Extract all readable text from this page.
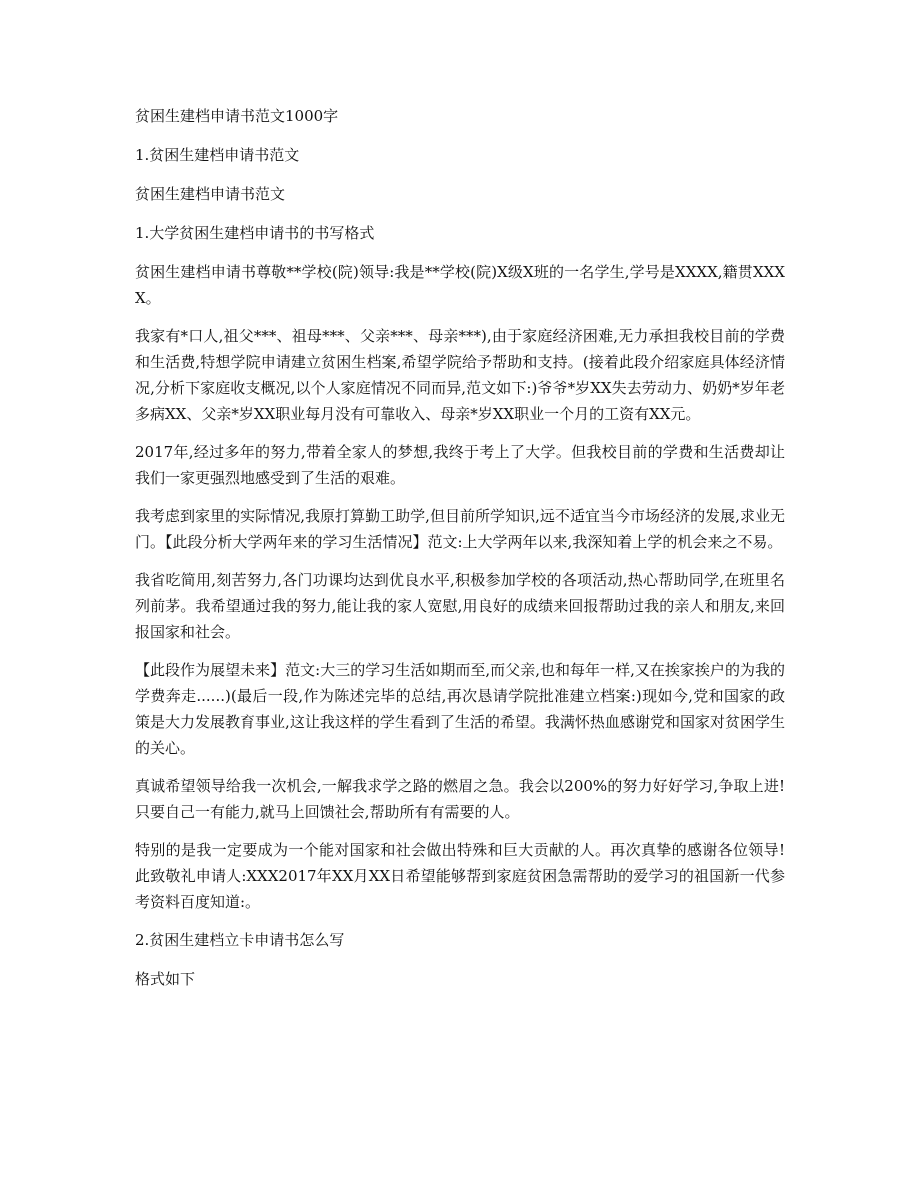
贫困生建档申请书范文1000字

1.贫困生建档申请书范文

贫困生建档申请书范文

1.大学贫困生建档申请书的书写格式

贫困生建档申请书尊敬**学校(院)领导:我是**学校(院)X级X班的一名学生,学号是XXXX,籍贯XXXX。

我家有*口人,祖父***、祖母***、父亲***、母亲***),由于家庭经济困难,无力承担我校目前的学费和生活费,特想学院申请建立贫困生档案,希望学院给予帮助和支持。(接着此段介绍家庭具体经济情况,分析下家庭收支概况,以个人家庭情况不同而异,范文如下:)爷爷*岁XX失去劳动力、奶奶*岁年老多病XX、父亲*岁XX职业每月没有可靠收入、母亲*岁XX职业一个月的工资有XX元。

2017年,经过多年的努力,带着全家人的梦想,我终于考上了大学。但我校目前的学费和生活费却让我们一家更强烈地感受到了生活的艰难。

我考虑到家里的实际情况,我原打算勤工助学,但目前所学知识,远不适宜当今市场经济的发展,求业无门。【此段分析大学两年来的学习生活情况】范文:上大学两年以来,我深知着上学的机会来之不易。

我省吃简用,刻苦努力,各门功课均达到优良水平,积极参加学校的各项活动,热心帮助同学,在班里名列前茅。我希望通过我的努力,能让我的家人宽慰,用良好的成绩来回报帮助过我的亲人和朋友,来回报国家和社会。

【此段作为展望未来】范文:大三的学习生活如期而至,而父亲,也和每年一样,又在挨家挨户的为我的学费奔走......)(最后一段,作为陈述完毕的总结,再次恳请学院批准建立档案:)现如今,党和国家的政策是大力发展教育事业,这让我这样的学生看到了生活的希望。我满怀热血感谢党和国家对贫困学生的关心。

真诚希望领导给我一次机会,一解我求学之路的燃眉之急。我会以200%的努力好好学习,争取上进!只要自己一有能力,就马上回馈社会,帮助所有有需要的人。

特别的是我一定要成为一个能对国家和社会做出特殊和巨大贡献的人。再次真挚的感谢各位领导!此致敬礼申请人:XXX2017年XX月XX日希望能够帮到家庭贫困急需帮助的爱学习的祖国新一代参考资料百度知道:。

2.贫困生建档立卡申请书怎么写

格式如下
